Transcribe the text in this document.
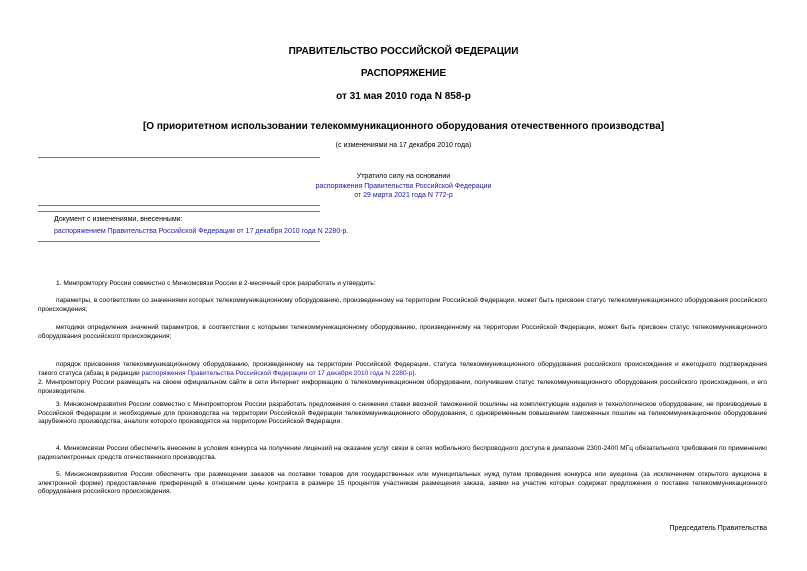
ПРАВИТЕЛЬСТВО РОССИЙСКОЙ ФЕДЕРАЦИИ
РАСПОРЯЖЕНИЕ
от 31 мая 2010 года N 858-р
[О приоритетном использовании телекоммуникационного оборудования отечественного производства]
(с изменениями на 17 декабря 2010 года)
Утратило силу на основании
распоряжения Правительства Российской Федерации
от 29 марта 2021 года N 772-р
Документ с изменениями, внесенными:
распоряжением Правительства Российской Федерации от 17 декабря 2010 года N 2280-р.
1. Минпромторгу России совместно с Минкомсвязи России в 2-месячный срок разработать и утвердить:
параметры, в соответствии со значениями которых телекоммуникационному оборудованию, произведенному на территории Российской Федерации, может быть присвоен статус телекоммуникационного оборудования российского происхождения;
методики определения значений параметров, в соответствии с которыми телекоммуникационному оборудованию, произведенному на территории Российской Федерации, может быть присвоен статус телекоммуникационного оборудования российского происхождения;
порядок присвоения телекоммуникационному оборудованию, произведенному на территории Российской Федерации, статуса телекоммуникационного оборудования российского происхождения и ежегодного подтверждения такого статуса (абзац в редакции распоряжения Правительства Российской Федерации от 17 декабря 2010 года N 2280-р).
2. Минпромторгу России размещать на своем официальном сайте в сети Интернет информацию о телекоммуникационном оборудовании, получившем статус телекоммуникационного оборудования российского происхождения, и его производителе.
3. Минэкономразвития России совместно с Минпромторгом России разработать предложения о снижении ставки ввозной таможенной пошлины на комплектующие изделия и технологическое оборудование, не производимые в Российской Федерации и необходимые для производства на территории Российской Федерации телекоммуникационного оборудования, с одновременным повышением таможенных пошлин на телекоммуникационное оборудование зарубежного производства, аналоги которого производятся на территории Российской Федерации.
4. Минкомсвязи России обеспечить внесение в условия конкурса на получение лицензий на оказание услуг связи в сетях мобильного беспроводного доступа в диапазоне 2300-2400 МГц обязательного требования по применению радиоэлектронных средств отечественного производства.
5. Минэкономразвития России обеспечить при размещении заказов на поставки товаров для государственных или муниципальных нужд путем проведения конкурса или аукциона (за исключением открытого аукциона в электронной форме) предоставление преференций в отношении цены контракта в размере 15 процентов участникам размещения заказа, заявки на участие которых содержат предложения о поставке телекоммуникационного оборудования российского происхождения.
Председатель Правительства
